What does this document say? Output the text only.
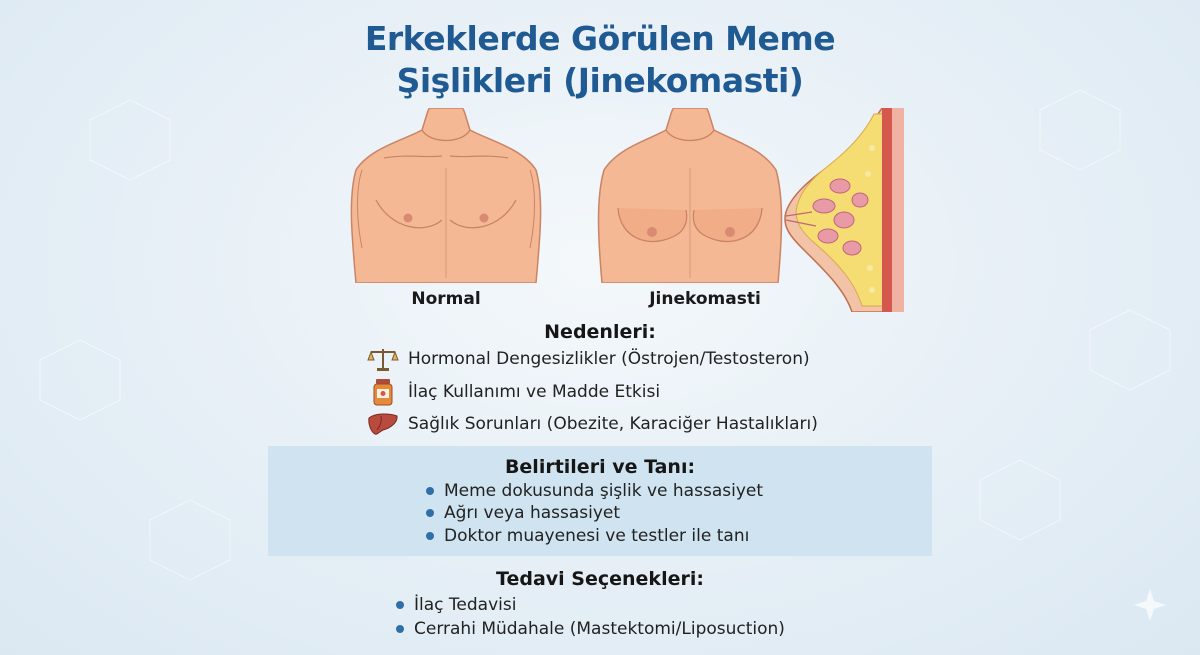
Erkeklerde Görülen Meme
Şişlikleri (Jinekomasti)
Normal	Jinekomasti
Nedenleri:
Hormonal Dengesizlikler (Östrojen/Testosteron)
İlaç Kullanımı ve Madde Etkisi
Sağlık Sorunları (Obezite, Karaciğer Hastalıkları)
Belirtileri ve Tanı:
Meme dokusunda şişlik ve hassasiyet
Ağrı veya hassasiyet
Doktor muayenesi ve testler ile tanı
Tedavi Seçenekleri:
İlaç Tedavisi
Cerrahi Müdahale (Mastektomi/Liposuction)
